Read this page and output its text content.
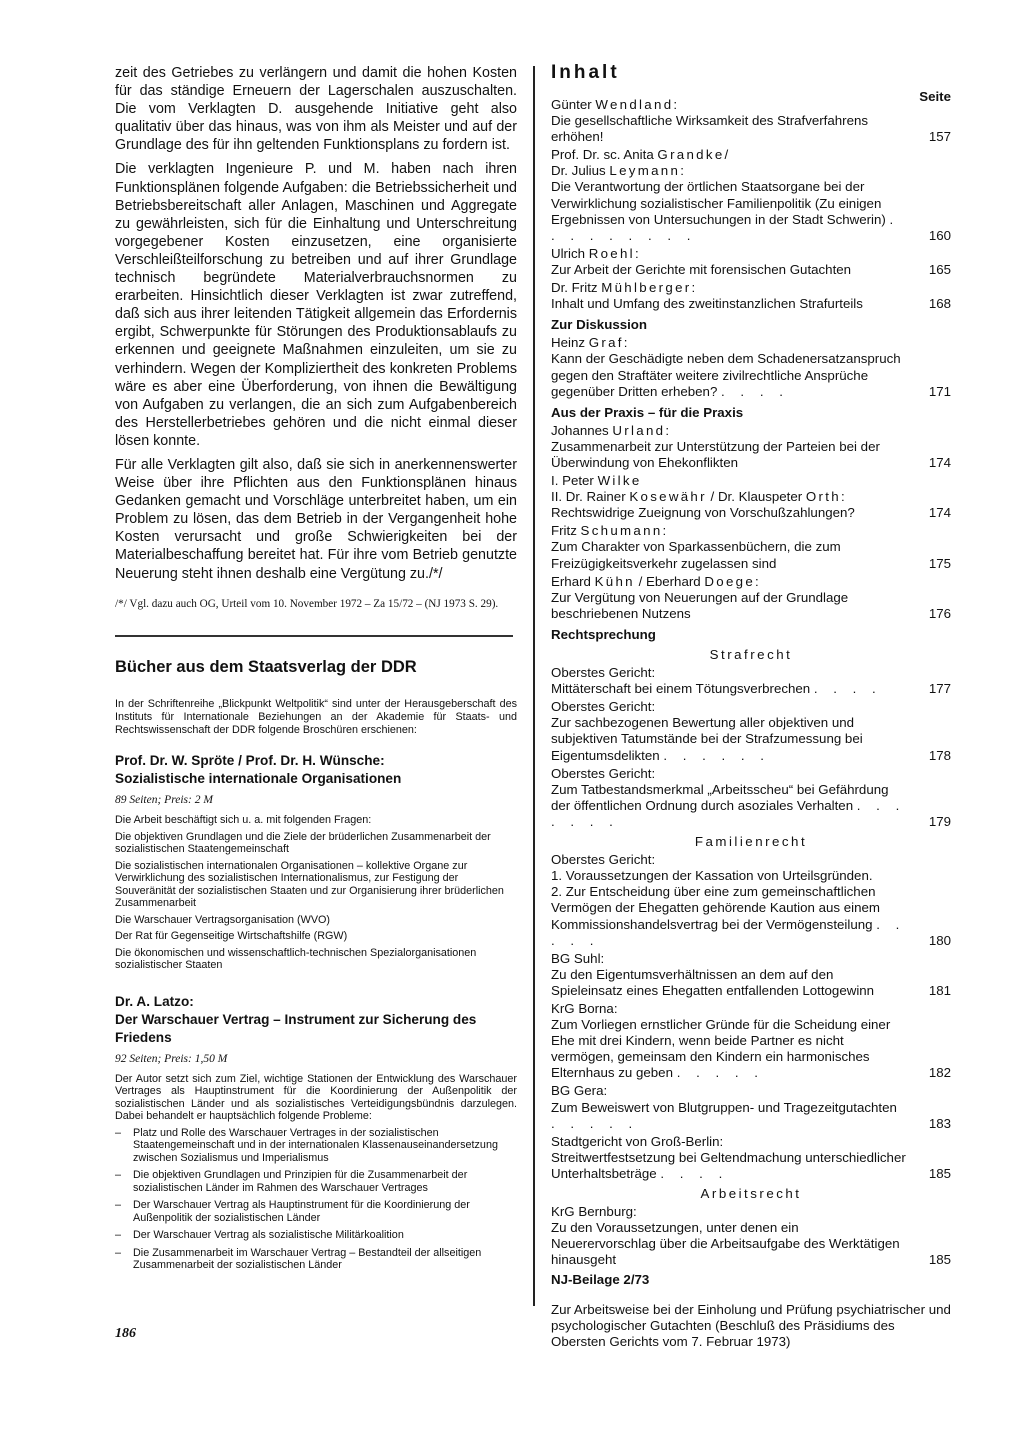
zeit des Getriebes zu verlängern und damit die hohen Kosten für das ständige Erneuern der Lagerschalen auszuschalten. Die vom Verklagten D. ausgehende Initiative geht also qualitativ über das hinaus, was von ihm als Meister und auf der Grundlage des für ihn geltenden Funktionsplans zu fordern ist.

Die verklagten Ingenieure P. und M. haben nach ihren Funktionsplänen folgende Aufgaben: die Betriebssicherheit und Betriebsbereitschaft aller Anlagen, Maschinen und Aggregate zu gewährleisten, sich für die Einhaltung und Unterschreitung vorgegebener Kosten einzusetzen, eine organisierte Verschleißteilforschung zu betreiben und auf ihrer Grundlage technisch begründete Materialverbrauchsnormen zu erarbeiten. Hinsichtlich dieser Verklagten ist zwar zutreffend, daß sich aus ihrer leitenden Tätigkeit allgemein das Erfordernis ergibt, Schwerpunkte für Störungen des Produktionsablaufs zu erkennen und geeignete Maßnahmen einzuleiten, um sie zu verhindern. Wegen der Kompliziertheit des konkreten Problems wäre es aber eine Überforderung, von ihnen die Bewältigung von Aufgaben zu verlangen, die an sich zum Aufgabenbereich des Herstellerbetriebes gehören und die nicht einmal dieser lösen konnte.

Für alle Verklagten gilt also, daß sie sich in anerkennenswerter Weise über ihre Pflichten aus den Funktionsplänen hinaus Gedanken gemacht und Vorschläge unterbreitet haben, um ein Problem zu lösen, das dem Betrieb in der Vergangenheit hohe Kosten verursacht und große Schwierigkeiten bei der Materialbeschaffung bereitet hat. Für ihre vom Betrieb genutzte Neuerung steht ihnen deshalb eine Vergütung zu./*/

/*/ Vgl. dazu auch OG, Urteil vom 10. November 1972 – Za 15/72 – (NJ 1973 S. 29).

Bücher aus dem Staatsverlag der DDR

In der Schriftenreihe „Blickpunkt Weltpolitik“ sind unter der Herausgeberschaft des Instituts für Internationale Beziehungen an der Akademie für Staats- und Rechtswissenschaft der DDR folgende Broschüren erschienen:

Prof. Dr. W. Spröte / Prof. Dr. H. Wünsche:

Sozialistische internationale Organisationen

89 Seiten; Preis: 2 M

Die Arbeit beschäftigt sich u. a. mit folgenden Fragen:

Die objektiven Grundlagen und die Ziele der brüderlichen Zusammenarbeit der sozialistischen Staatengemeinschaft

Die sozialistischen internationalen Organisationen – kollektive Organe zur Verwirklichung des sozialistischen Internationalismus, zur Festigung der Souveränität der sozialistischen Staaten und zur Organisierung ihrer brüderlichen Zusammenarbeit

Die Warschauer Vertragsorganisation (WVO)

Der Rat für Gegenseitige Wirtschaftshilfe (RGW)

Die ökonomischen und wissenschaftlich-technischen Spezialorganisationen sozialistischer Staaten

Dr. A. Latzo:

Der Warschauer Vertrag – Instrument zur Sicherung des Friedens

92 Seiten; Preis: 1,50 M

Der Autor setzt sich zum Ziel, wichtige Stationen der Entwicklung des Warschauer Vertrages als Hauptinstrument für die Koordinierung der Außenpolitik der sozialistischen Länder und als sozialistisches Verteidigungsbündnis darzulegen. Dabei behandelt er hauptsächlich folgende Probleme:

– Platz und Rolle des Warschauer Vertrages in der sozialistischen Staatengemeinschaft und in der internationalen Klassenauseinandersetzung zwischen Sozialismus und Imperialismus
– Die objektiven Grundlagen und Prinzipien für die Zusammenarbeit der sozialistischen Länder im Rahmen des Warschauer Vertrages
– Der Warschauer Vertrag als Hauptinstrument für die Koordinierung der Außenpolitik der sozialistischen Länder
– Der Warschauer Vertrag als sozialistische Militärkoalition
– Die Zusammenarbeit im Warschauer Vertrag – Bestandteil der allseitigen Zusammenarbeit der sozialistischen Länder
186
Inhalt
Seite

Günter Wendland:

Die gesellschaftliche Wirksamkeit des Strafverfahrens erhöhen!	157

Prof. Dr. sc. Anita Grandke/

Dr. Julius Leymann:

Die Verantwortung der örtlichen Staatsorgane bei der Verwirklichung sozialistischer Familienpolitik (Zu einigen Ergebnissen von Untersuchungen in der Stadt Schwerin) . . . . . . . . .	160

Ulrich Roehl:

Zur Arbeit der Gerichte mit forensischen Gutachten	165

Dr. Fritz Mühlberger:

Inhalt und Umfang des zweitinstanzlichen Strafurteils	168

Zur Diskussion

Heinz Graf:

Kann der Geschädigte neben dem Schadenersatzanspruch gegen den Straftäter weitere zivilrechtliche Ansprüche gegenüber Dritten erheben? . . . .	171

Aus der Praxis – für die Praxis

Johannes Urland:

Zusammenarbeit zur Unterstützung der Parteien bei der Überwindung von Ehekonflikten	174

I. Peter Wilke

II. Dr. Rainer Kosewähr / Dr. Klauspeter Orth:

Rechtswidrige Zueignung von Vorschußzahlungen?	174

Fritz Schumann:

Zum Charakter von Sparkassenbüchern, die zum Freizügigkeitsverkehr zugelassen sind	175

Erhard Kühn / Eberhard Doege:

Zur Vergütung von Neuerungen auf der Grundlage beschriebenen Nutzens	176

Rechtsprechung

Strafrecht

Oberstes Gericht:

Mittäterschaft bei einem Tötungsverbrechen . . . .	177

Oberstes Gericht:

Zur sachbezogenen Bewertung aller objektiven und subjektiven Tatumstände bei der Strafzumessung bei Eigentumsdelikten . . . . . .	178

Oberstes Gericht:

Zum Tatbestandsmerkmal „Arbeitsscheu“ bei Gefährdung der öffentlichen Ordnung durch asoziales Verhalten . . . . . . .	179

Familienrecht

Oberstes Gericht:

1. Voraussetzungen der Kassation von Urteilsgründen.

2. Zur Entscheidung über eine zum gemeinschaftlichen Vermögen der Ehegatten gehörende Kaution aus einem Kommissionshandelsvertrag bei der Vermögensteilung . . . . .	180

BG Suhl:

Zu den Eigentumsverhältnissen an dem auf den Spieleinsatz eines Ehegatten entfallenden Lottogewinn	181

KrG Borna:

Zum Vorliegen ernstlicher Gründe für die Scheidung einer Ehe mit drei Kindern, wenn beide Partner es nicht vermögen, gemeinsam den Kindern ein harmonisches Elternhaus zu geben . . . . .	182

BG Gera:

Zum Beweiswert von Blutgruppen- und Tragezeitgutachten . . . . .	183

Stadtgericht von Groß-Berlin:

Streitwertfestsetzung bei Geltendmachung unterschiedlicher Unterhaltsbeträge . . . .	185

Arbeitsrecht

KrG Bernburg:

Zu den Voraussetzungen, unter denen ein Neuerervorschlag über die Arbeitsaufgabe des Werktätigen hinausgeht	185

NJ-Beilage 2/73

Zur Arbeitsweise bei der Einholung und Prüfung psychiatrischer und psychologischer Gutachten (Beschluß des Präsidiums des Obersten Gerichts vom 7. Februar 1973)
